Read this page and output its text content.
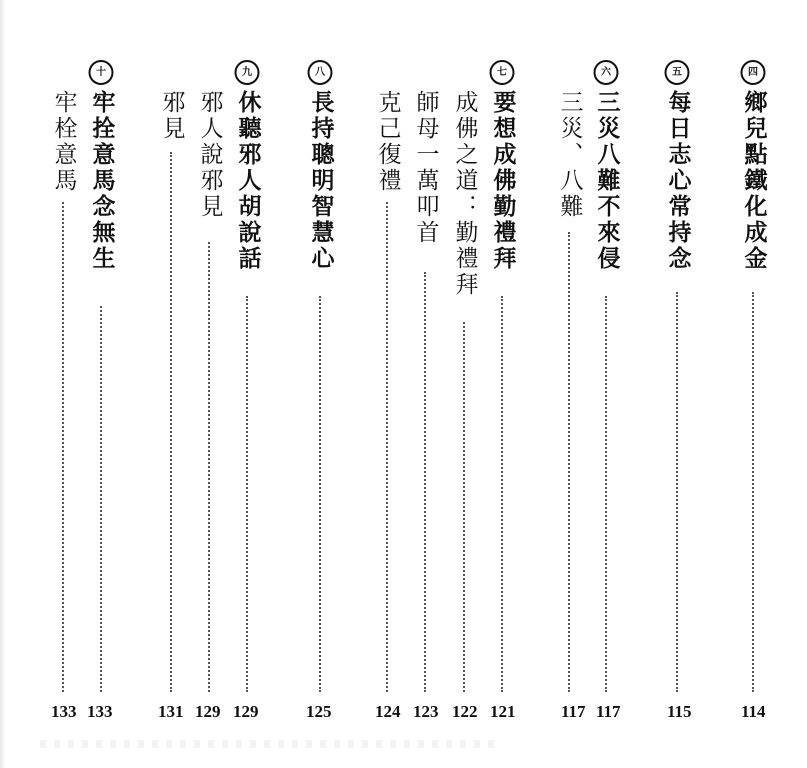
四
鄉兒點鐵化成金
114
五
每日志心常持念
115
六
三災八難不來侵
117
三災、八難
117
七
要想成佛勤禮拜
121
成佛之道：勤禮拜
122
師母一萬叩首
123
克己復禮
124
八
長持聰明智慧心
125
九
休聽邪人胡說話
129
邪人說邪見
129
邪見
131
十
牢拴意馬念無生
133
牢栓意馬
133
